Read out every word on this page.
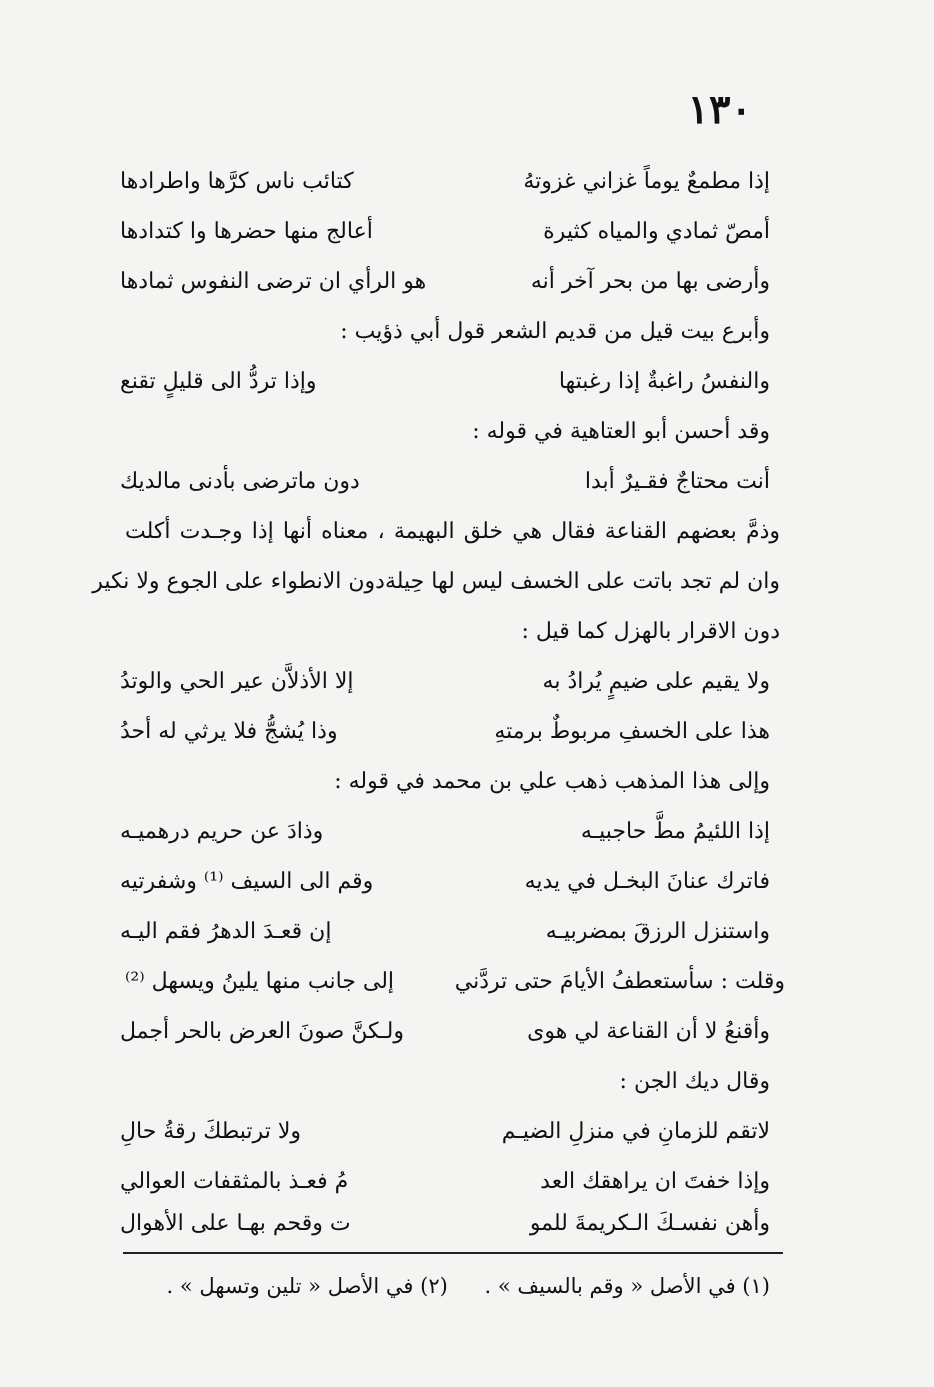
١٣٠
إذا مطمعٌ يوماً غزاني غزوتهُ
كتائب ناس كرَّها واطرادها
أمصّ ثمادي والمياه كثيرة
أعالج منها حضرها وا كتدادها
وأرضى بها من بحر آخر أنه
هو الرأي ان ترضى النفوس ثمادها
وأبرع بيت قيل من قديم الشعر قول أبي ذؤيب :
والنفسُ راغبةٌ إذا رغبتها
وإذا تردُّ الى قليلٍ تقنع
وقد أحسن أبو العتاهية في قوله :
أنت محتاجٌ فقـيرٌ أبدا
دون ماترضى بأدنى مالديك
وذمَّ بعضهم القناعة فقال هي خلق البهيمة ، معناه أنها إذا وجـدت أكلت
وان لم تجد باتت على الخسف ليس لها حِيلةدون الانطواء على الجوع ولا نكير
دون الاقرار بالهزل كما قيل :
ولا يقيم على ضيمٍ يُرادُ به
إلا الأذلاَّن عير الحي والوتدُ
هذا على الخسفِ مربوطٌ برمتهِ
وذا يُشجُّ فلا يرثي له أحدُ
وإلى هذا المذهب ذهب علي بن محمد في قوله :
إذا اللئيمُ مطَّ حاجبيـه
وذادَ عن حريم درهميـه
فاترك عنانَ البخـل في يديه
وقم الى السيف ⁽¹⁾ وشفرتيه
واستنزل الرزقَ بمضربيـه
إن قعـدَ الدهرُ فقم اليـه
وقلت : سأستعطفُ الأيامَ حتى تردَّني
إلى جانب منها يلينُ ويسهل ⁽²⁾
وأقنعُ لا أن القناعة لي هوى
ولـكنَّ صونَ العرض بالحر أجمل
وقال ديك الجن :
لاتقم للزمانِ في منزلِ الضيـم
ولا ترتبطكَ رقةُ حالِ
وإذا خفتَ ان يراهقك العد
مُ فعـذ بالمثقفات العوالي
وأهن نفسـكَ الـكريمةَ للمو
ت وقحم بهـا على الأهوال
(١) في الأصل « وقم بالسيف » . (٢) في الأصل « تلين وتسهل » .
